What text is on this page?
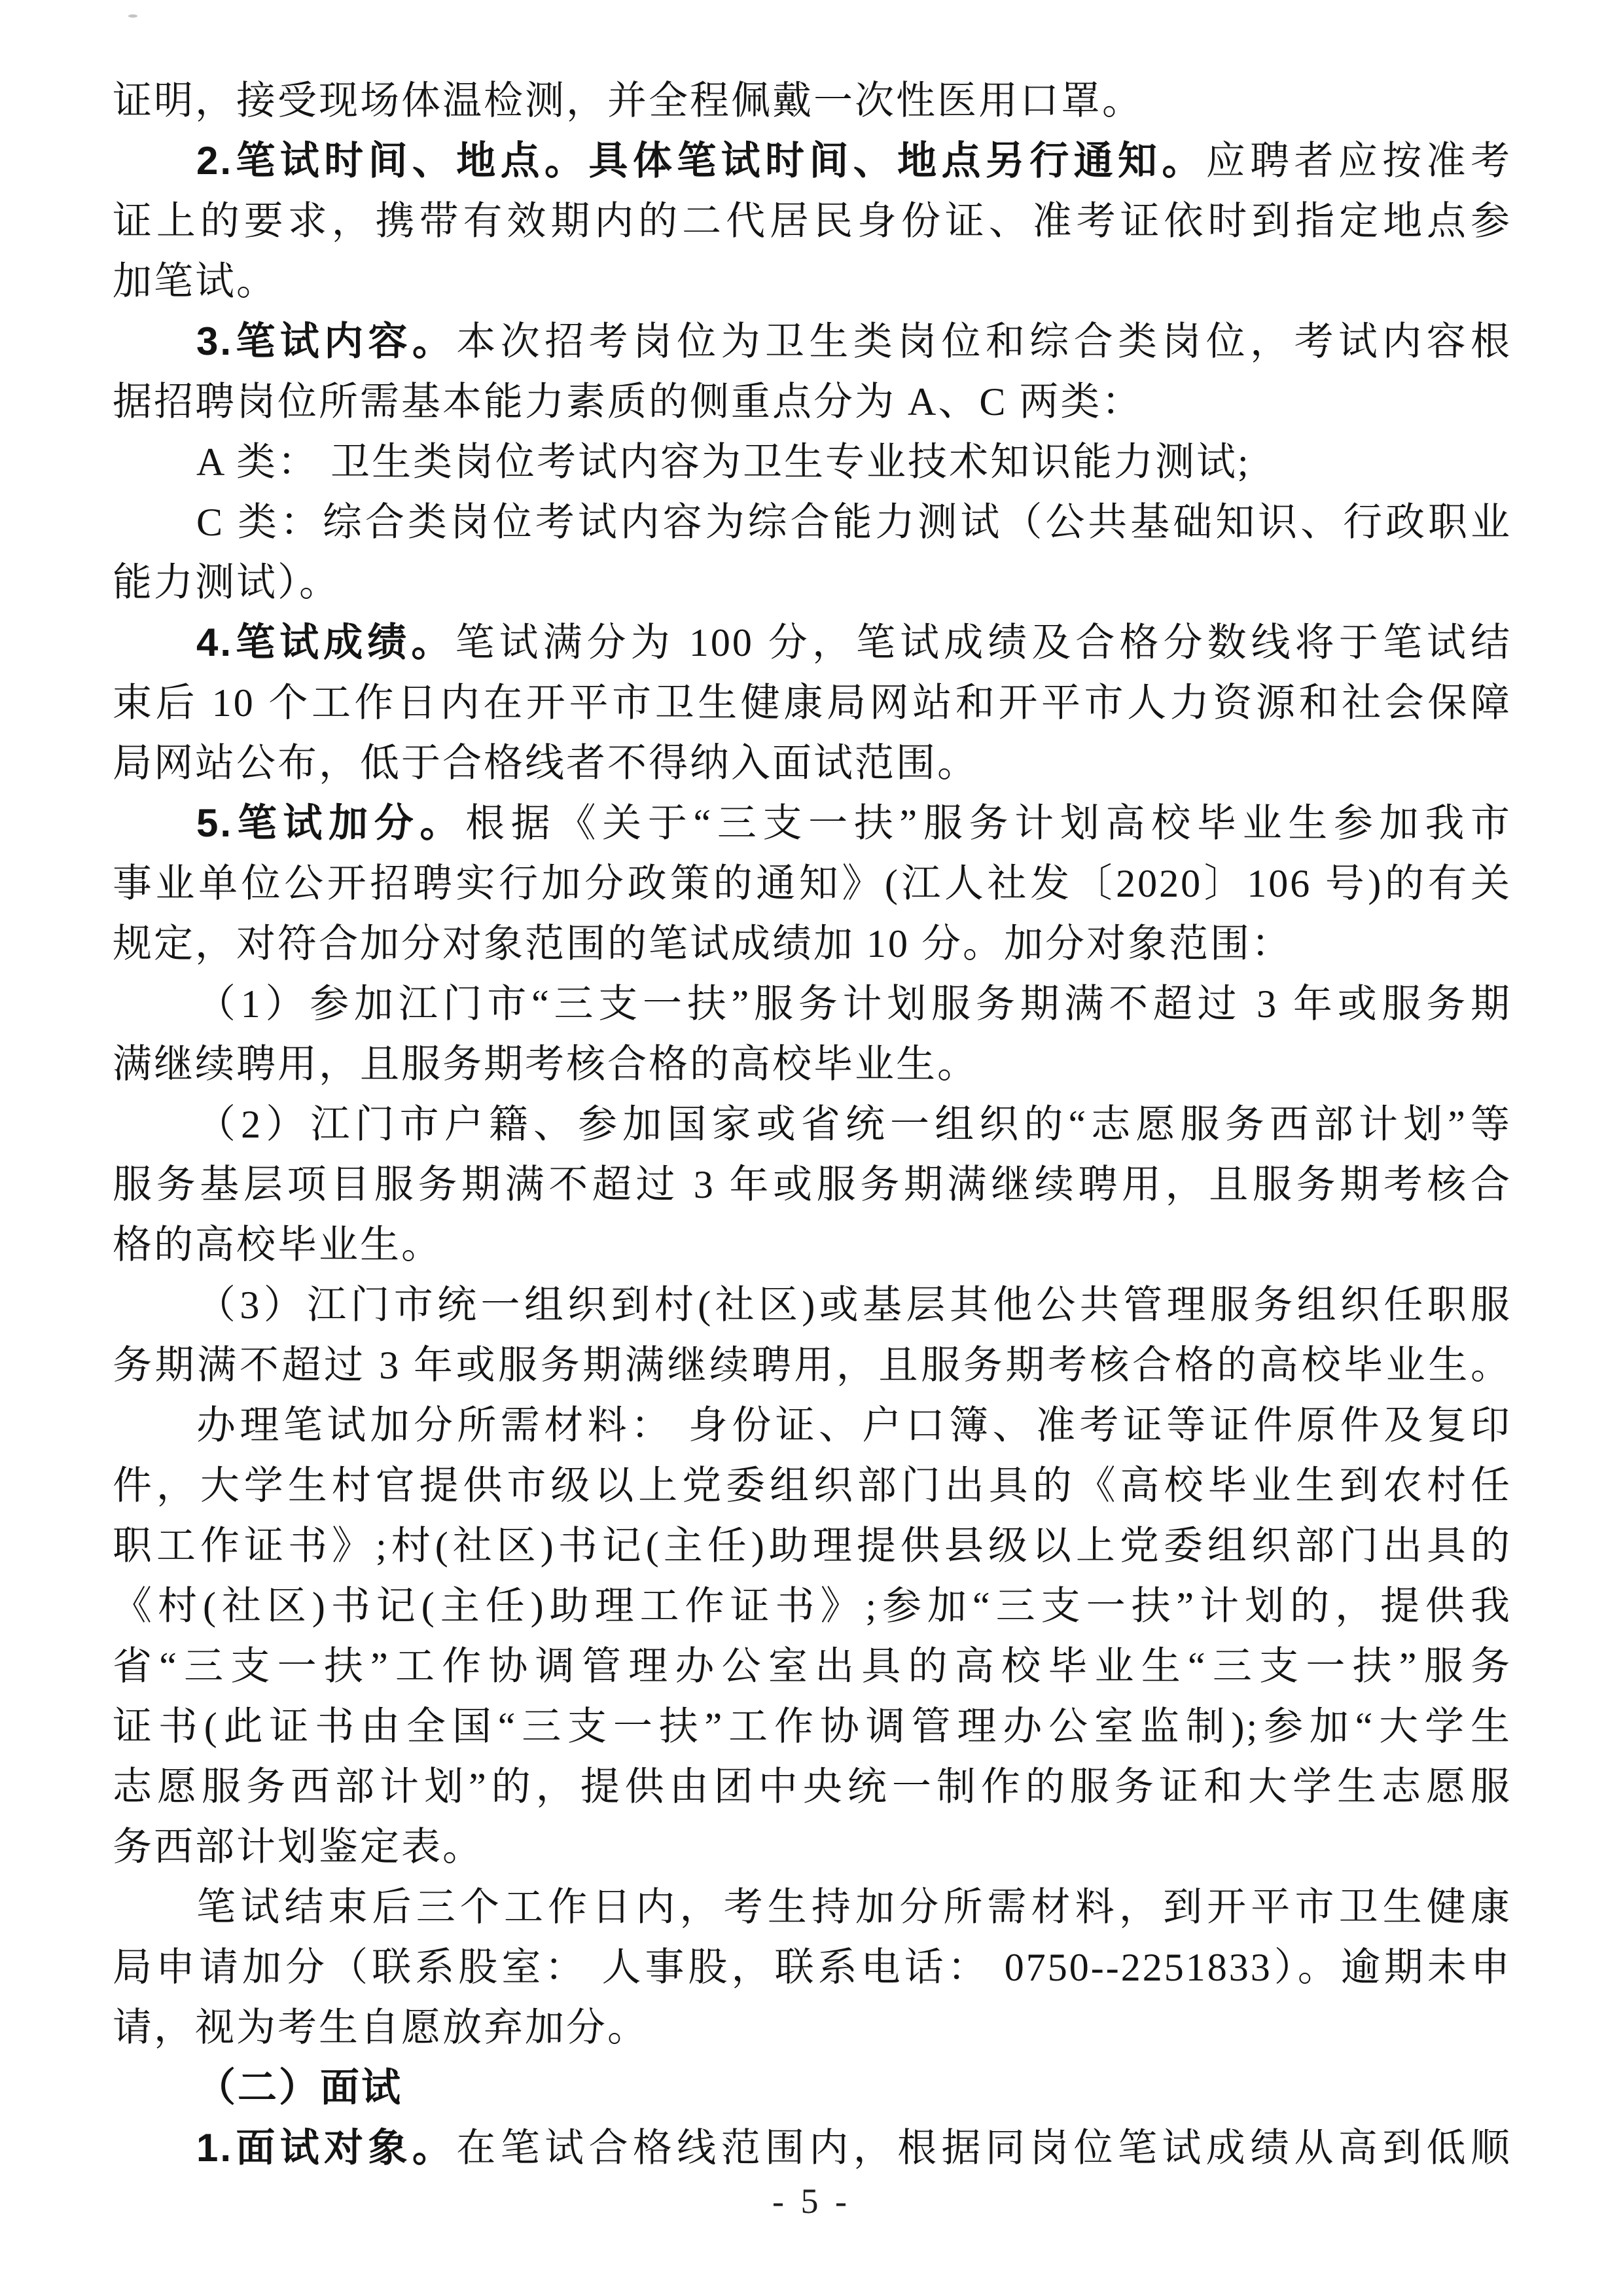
证明，接受现场体温检测，并全程佩戴一次性医用口罩。
2.笔试时间、地点。具体笔试时间、地点另行通知。应聘者应按准考
证上的要求，携带有效期内的二代居民身份证、准考证依时到指定地点参
加笔试。
3.笔试内容。本次招考岗位为卫生类岗位和综合类岗位，考试内容根
据招聘岗位所需基本能力素质的侧重点分为 A、C 两类：
A 类： 卫生类岗位考试内容为卫生专业技术知识能力测试;
C 类：综合类岗位考试内容为综合能力测试（公共基础知识、行政职业
能力测试）。
4.笔试成绩。笔试满分为 100 分，笔试成绩及合格分数线将于笔试结
束后 10 个工作日内在开平市卫生健康局网站和开平市人力资源和社会保障
局网站公布，低于合格线者不得纳入面试范围。
5.笔试加分。根据《关于“三支一扶”服务计划高校毕业生参加我市
事业单位公开招聘实行加分政策的通知》(江人社发〔2020〕106 号)的有关
规定，对符合加分对象范围的笔试成绩加 10 分。加分对象范围：
（1）参加江门市“三支一扶”服务计划服务期满不超过 3 年或服务期
满继续聘用，且服务期考核合格的高校毕业生。
（2）江门市户籍、参加国家或省统一组织的“志愿服务西部计划”等
服务基层项目服务期满不超过 3 年或服务期满继续聘用，且服务期考核合
格的高校毕业生。
（3）江门市统一组织到村(社区)或基层其他公共管理服务组织任职服
务期满不超过 3 年或服务期满继续聘用，且服务期考核合格的高校毕业生。
办理笔试加分所需材料： 身份证、户口簿、准考证等证件原件及复印
件，大学生村官提供市级以上党委组织部门出具的《高校毕业生到农村任
职工作证书》;村(社区)书记(主任)助理提供县级以上党委组织部门出具的
《村(社区)书记(主任)助理工作证书》;参加“三支一扶”计划的，提供我
省“三支一扶”工作协调管理办公室出具的高校毕业生“三支一扶”服务
证书(此证书由全国“三支一扶”工作协调管理办公室监制);参加“大学生
志愿服务西部计划”的，提供由团中央统一制作的服务证和大学生志愿服
务西部计划鉴定表。
笔试结束后三个工作日内，考生持加分所需材料，到开平市卫生健康
局申请加分（联系股室： 人事股，联系电话： 0750--2251833）。逾期未申
请，视为考生自愿放弃加分。
（二）面试
1.面试对象。在笔试合格线范围内，根据同岗位笔试成绩从高到低顺
- 5 -
